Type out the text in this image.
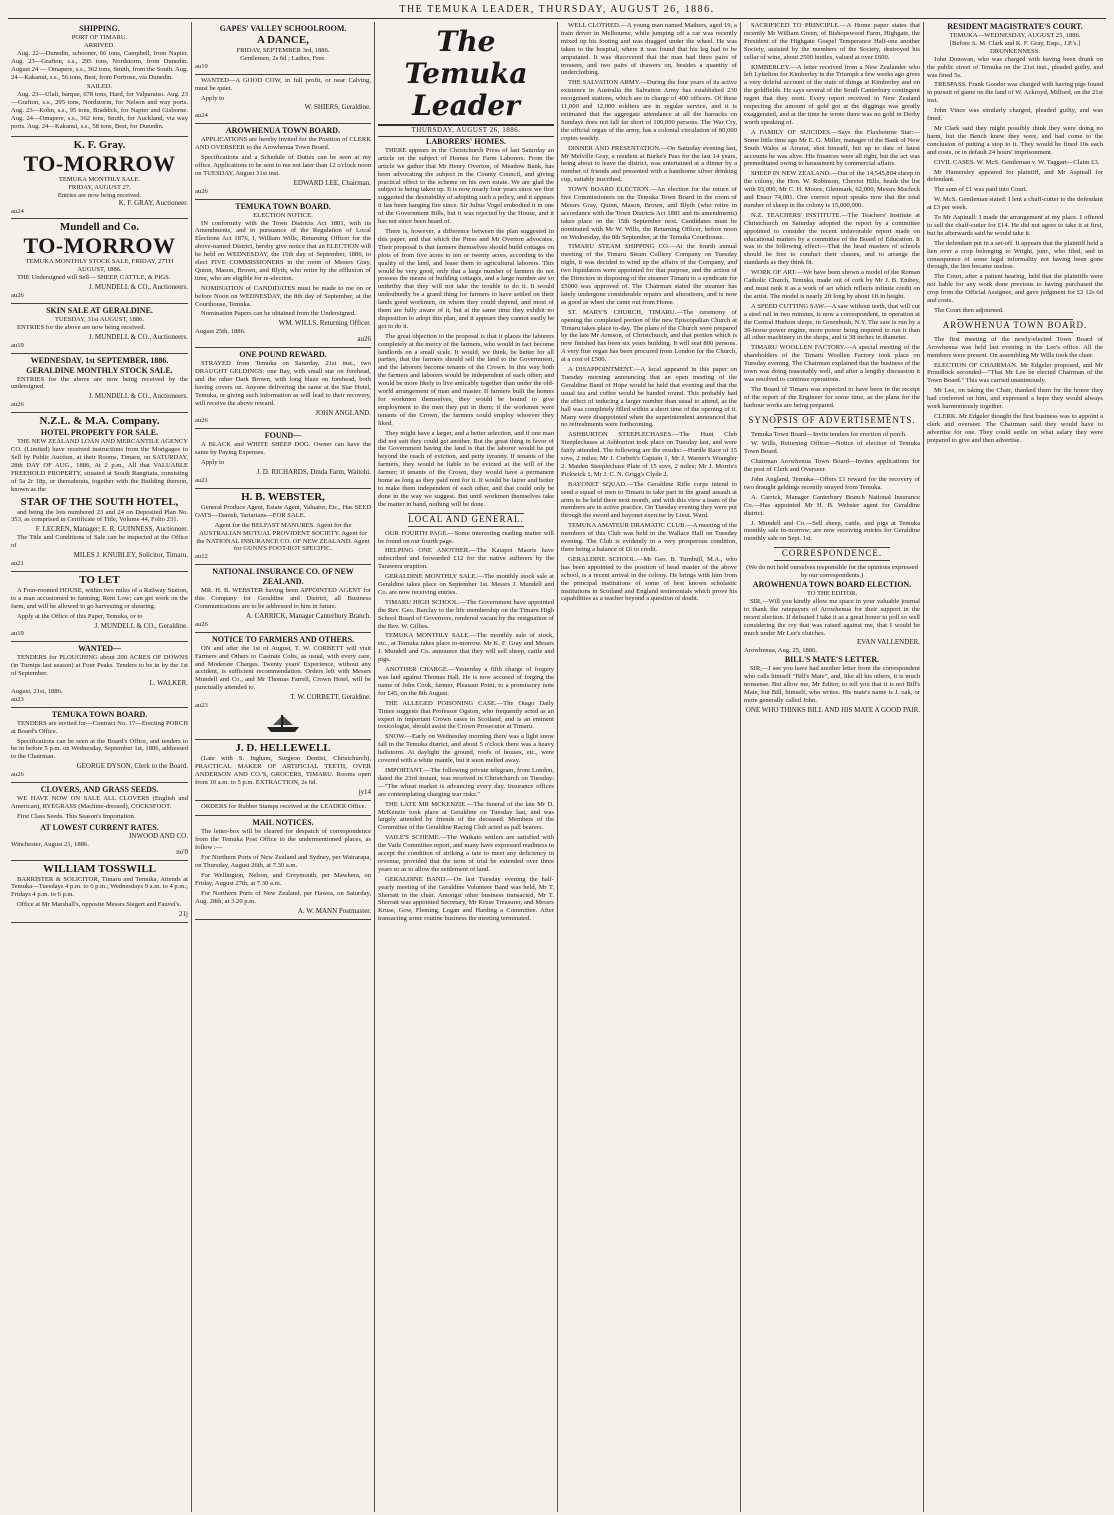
THE TEMUKA LEADER, THURSDAY, AUGUST 26, 1886.
SHIPPING.
PORT OF TIMARU.
ARRIVED.

Aug. 22—Dunedin, schooner, 66 tons, Campbell, from Napier. Aug. 23—Grafton, s.s., 295 tons, Nordstorm, from Dunedin. August 24 — Omapere, s.s., 362 tons, Smith, from the South. Aug. 24—Kakanui, s.s., 56 tons, Best, from Fortrose, via Dunedin.

SAILED.

Aug. 23—Ulali, barque, 678 tons, Hard, for Valparaiso. Aug. 23—Grafton, s.s., 295 tons, Nordstorm, for Nelson and way ports. Aug. 23—Kohn, s.s., 95 tons, Braddick, for Napier and Gisborne. Aug. 24—Omapere, s.s., 362 tons, Smith, for Auckland, via way ports. Aug. 24—Kakanui, s.s., 58 tons, Best, for Dunedin.

K. F. Gray.
TO-MORROW
TEMUKA MONTHLY SALE.
FRIDAY, AUGUST 27.
Entries are now being received.
K. F. GRAY, Auctioneer.
au24
Mundell and Co.
TO-MORROW
TEMUKA MONTHLY STOCK SALE, FRIDAY, 27TH AUGUST, 1886.

THE Undersigned will Sell— SHEEP, CATTLE, & PIGS.

J. MUNDELL & CO., Auctioneers.
au26
SKIN SALE AT GERALDINE.
TUESDAY, 31st AUGUST, 1886.

ENTRIES for the above are now being received.

J. MUNDELL & CO., Auctioneers.
au19
WEDNESDAY, 1st SEPTEMBER, 1886.
GERALDINE MONTHLY STOCK SALE.

ENTRIES for the above are now being received by the undersigned.

J. MUNDELL & CO., Auctioneers.
au26
N.Z.L. & M.A. Company.
HOTEL PROPERTY FOR SALE.

THE NEW ZEALAND LOAN AND MERCANTILE AGENCY CO. (Limited) have received instructions from the Mortgagee to Sell by Public Auction, at their Rooms, Timaru, on SATURDAY, 28th DAY OF AUG., 1886, At 2 p.m., All that VALUABLE FREEHOLD PROPERTY, situated at South Rangitata, consisting of 5a 2r 18p, or thereabouts, together with the Building thereon, known as the

STAR OF THE SOUTH HOTEL,

and being the lots numbered 23 and 24 on Deposited Plan No. 353, as comprised in Certificate of Title, Volume 44, Folio 231.

F. LECREN, Manager; E. R. GUINNESS, Auctioneer.

The Title and Conditions of Sale can be inspected at the Office of

MILES J. KNUBLEY, Solicitor, Timaru.
au21
TO LET

A Four-roomed HOUSE, within two miles of a Railway Station, to a man accustomed to farming; Rent Low; can get work on the farm, and will be allowed to go harvesting or shearing.

Apply at the Office of this Paper, Temuka, or to

J. MUNDELL & CO., Geraldine.
au19
WANTED—

TENDERS for PLOUGHING about 200 ACRES OF DOWNS (in Turnips last season) at Four Peaks. Tenders to be in by the 1st of September.

L. WALKER.
August, 21st, 1886.
au23
TEMUKA TOWN BOARD.

TENDERS are invited for—Contract No. 17—Erecting PORCH at Board's Office.

Specifications can be seen at the Board's Office, and tenders to be in before 5 p.m. on Wednesday, September 1st, 1886, addressed to the Chairman.

GEORGE DYSON, Clerk to the Board.
au26
CLOVERS, AND GRASS SEEDS.

WE HAVE NOW ON SALE ALL CLOVERS (English and American), RYEGRASS (Machine-dressed), COCKSFOOT.

First Class Seeds. This Season's Importation.

AT LOWEST CURRENT RATES.
INWOOD AND CO.
Winchester, August 21, 1886.
no'0
WILLIAM TOSSWILL

BARRISTER & SOLICITOR, Timaru and Temuka, Attends at Temuka—Tuesdays 4 p.m. to 6 p.m.; Wednesdays 9 a.m. to 4 p.m.; Fridays 4 p.m. to 6 p.m.

Office at Mr Marshall's, opposite Messrs Siegert and Fauvel's.

21j
GAPES' VALLEY SCHOOLROOM.
A DANCE,
FRIDAY, SEPTEMBER 3rd, 1886.
Gentlemen, 2s 6d ; Ladies, Free.
au19

WANTED—A GOOD COW, in full profit, or near Calving, must be quiet.

Apply to

W. SHIERS, Geraldine.
au24
AROWHENUA TOWN BOARD.

APPLICATIONS are hereby invited for the Position of CLERK AND OVERSEER to the Arowhenua Town Board.

Specifications and a Schedule of Duties can be seen at my office. Applications to be sent to me not later than 12 o'clock noon on TUESDAY, August 31st inst.

EDWARD LEE, Chairman.
au26
TEMUKA TOWN BOARD.
ELECTION NOTICE.

IN conformity with the Town Districts Act 1881, with its Amendments, and in pursuance of the Regulation of Local Elections Act 1876, I, William Wills, Returning Officer for the above-named District, hereby give notice that an ELECTION will be held on WEDNESDAY, the 15th day of September, 1886, to elect FIVE COMMISSIONERS in the room of Messrs Gray, Quinn, Mason, Brown, and Blyth, who retire by the effluxion of time, who are eligible for re-election.

NOMINATION of CANDIDATES must be made to me on or before Noon on WEDNESDAY, the 8th day of September, at the Courthouse, Temuka.

Nomination Papers can be obtained from the Undersigned.

WM. WILLS, Returning Officer.
August 25th, 1886.
au26
ONE POUND REWARD.

STRAYED from Temuka on Saturday, 21st inst., two DRAUGHT GELDINGS: one Bay, with small star on forehead, and the other Dark Brown, with long blaze on forehead, both having covers on. Anyone delivering the same at the Star Hotel, Temuka, or giving such information as will lead to their recovery, will receive the above reward.

JOHN ANGLAND.
au26
FOUND—

A BLACK and WHITE SHEEP DOG. Owner can have the same by Paying Expenses.

Apply to

J. D. RICHARDS, Dinda Farm, Waitohi.
au21
H. B. WEBSTER,

General Produce Agent, Estate Agent, Valuator, Etc., Has SEED OATS—Danish, Tartarians—FOR SALE.

Agent for the BELFAST MANURES. Agent for the AUSTRALIAN MUTUAL PROVIDENT SOCIETY. Agent for the NATIONAL INSURANCE CO. OF NEW ZEALAND. Agent for GUNN'S FOOT-ROT SPECIFIC.
au12
NATIONAL INSURANCE CO. OF NEW ZEALAND.

MR. H. B. WEBSTER having been APPOINTED AGENT for this Company for Geraldine and District, all Business Communications are to be addressed to him in future.

A. CARRICK, Manager Canterbury Branch.
au26
NOTICE TO FARMERS AND OTHERS.

ON and after the 1st of August, T. W. CORBETT will visit Farmers and Others to Castrate Colts, as usual, with every care, and Moderate Charges. Twenty years' Experience, without any accident, is sufficient recommendation. Orders left with Messrs Mundell and Co., and Mr Thomas Farrell, Crown Hotel, will be punctually attended to.

T. W. CORBETT, Geraldine.
au23
J. D. HELLEWELL

(Late with S. Ingham, Surgeon Dentist, Christchurch), PRACTICAL MAKER OF ARTIFICIAL TEETH, OVER ANDERSON AND CO.'S, GROCERS, TIMARU. Rooms open from 10 a.m. to 5 p.m. EXTRACTION, 2s 6d.

jy14

ORDERS for Rubber Stamps received at the LEADER Office.

MAIL NOTICES.

The letter-box will be cleared for despatch of correspondence from the Temuka Post Office to the undermentioned places, as follow :—

For Northern Ports of New Zealand and Sydney, per Wairarapa, on Thursday, August 26th, at 7.30 a.m.

For Wellington, Nelson, and Greymouth, per Mawhera, on Friday, August 27th, at 7.30 a.m.

For Northern Ports of New Zealand, per Hawea, on Saturday, Aug. 28th, at 3.20 p.m.

A. W. MANN Postmaster.
The Temuka Leader
THURSDAY, AUGUST 26, 1886.
LABORERS' HOMES.

THERE appears in the Christchurch Press of last Saturday an article on the subject of Homes for Farm Laborers. From the article we gather that Mr Henry Overton, of Meadow Bank, has been advocating the subject in the County Council, and giving practical effect to the scheme on his own estate. We are glad the subject is being taken up. It is now nearly four years since we first suggested the desirability of adopting such a policy, and it appears it has been hanging fire since. Sir Julius Vogel embodied it in one of the Government Bills, but it was rejected by the House, and it has not since been heard of.

There is, however, a difference between the plan suggested in this paper, and that which the Press and Mr Overton advocates. Their proposal is that farmers themselves should build cottages on plots of from five acres to ten or twenty acres, according to the quality of the land, and lease them to agricultural laborers. This would be very good, only that a large number of farmers do not possess the means of building cottages, and a large number are so unthrifty that they will not take the trouble to do it. It would undoubtedly be a grand thing for farmers to have settled on their lands good workmen, on whom they could depend, and most of them are fully aware of it, but at the same time they exhibit no disposition to adopt this plan, and it appears they cannot easily be got to do it.

The great objection to the proposal is that it places the laborers completely at the mercy of the farmers, who would in fact become landlords on a small scale. It would, we think, be better for all parties, that the farmers should sell the land to the Government, and the laborers become tenants of the Crown. In this way both the farmers and laborers would be independent of each other; and would be more likely to live amicably together than under the old-world arrangement of man and master. If farmers built the homes for workmen themselves, they would be bound to give employment to the men they put in them; if the workmen were tenants of the Crown, the farmers could employ whoever they liked.

They might have a larger, and a better selection, and if one man did not suit they could get another. But the great thing in favor of the Government having the land is that the laborer would be put beyond the reach of eviction, and petty tyranny. If tenants of the farmers, they would be liable to be evicted at the will of the farmer; if tenants of the Crown, they would have a permanent home as long as they paid rent for it. It would be fairer and better to make them independent of each other, and that could only be done in the way we suggest. But until workmen themselves take the matter in hand, nothing will be done.

LOCAL AND GENERAL.

OUR FOURTH PAGE.—Some interesting reading matter will be found on our fourth page.

HELPING ONE ANOTHER.—The Kaiapoi Maoris have subscribed and forwarded £12 for the native sufferers by the Tarawera eruption.

GERALDINE MONTHLY SALE.—The monthly stock sale at Geraldine takes place on September 1st. Messrs J. Mundell and Co. are now receiving entries.

TIMARU HIGH SCHOOL.—The Government have appointed the Rev. Geo. Barclay to the life membership on the Timaru High School Board of Governors, rendered vacant by the resignation of the Rev. W. Gillies.

TEMUKA MONTHLY SALE.—The monthly sale of stock, etc., at Temuka takes place to-morrow. Mr K. F. Gray and Messrs J. Mundell and Co. announce that they will sell sheep, cattle and pigs.

ANOTHER CHARGE.—Yesterday a fifth charge of forgery was laid against Thomas Hall. He is now accused of forging the name of John Cook, farmer, Pleasant Point, to a promissory note for £45, on the 8th August.

THE ALLEGED POISONING CASE.—The Otago Daily Times suggests that Professor Ogston, who frequently acted as an expert in important Crown cases in Scotland, and is an eminent toxicologist, should assist the Crown Prosecutor at Timaru.

SNOW.—Early on Wednesday morning there was a light snow fall in the Temuka district, and about 5 o'clock there was a heavy hailstorm. At daylight the ground, roofs of houses, etc., were covered with a white mantle, but it soon melted away.

IMPORTANT.—The following private telegram, from London, dated the 23rd instant, was received in Christchurch on Tuesday:—"The wheat market is advancing every day. Insurance offices are contemplating charging war risks."

THE LATE MR MCKENZIE.—The funeral of the late Mr D. McKenzie took place at Geraldine on Tuesday last, and was largely attended by friends of the deceased. Members of the Committee of the Geraldine Racing Club acted as pall bearers.

VAILE'S SCHEME.—The Waikato settlers are satisfied with the Vaile Committee report, and many have expressed readiness to accept the condition of striking a rate to meet any deficiency in revenue, provided that the term of trial be extended over three years so as to allow the settlement of land.

GERALDINE BAND.—On last Tuesday evening the half-yearly meeting of the Geraldine Volunteer Band was held, Mr T. Sherratt in the chair. Amongst other business transacted, Mr T. Sherratt was appointed Secretary, Mr Kruse Treasurer, and Messrs Kruse, Gow, Fleming, Logan and Harding a Committee. After transacting some routine business the meeting terminated.

WELL CLOTHED.—A young man named Mathers, aged 19, a train driver in Melbourne, while jumping off a car was recently mixed up his footing and was dragged under the wheel. He was taken to the hospital, where it was found that his leg had to be amputated. It was discovered that the man had three pairs of trousers, and two pairs of drawers on, besides a quantity of underclothing.

THE SALVATION ARMY.—During the four years of its active existence in Australia the Salvation Army has established 230 recognised stations, which are in charge of 400 officers. Of these 11,000 and 12,000 soldiers are in regular service, and it is estimated that the aggregate attendance at all the barracks on Sundays does not fall far short of 100,000 persons. The War Cry, the official organ of the army, has a colonial circulation of 80,000 copies weekly.

DINNER AND PRESENTATION.—On Saturday evening last, Mr Melville Gray, a resident at Burke's Pass for the last 14 years, being about to leave the district, was entertained at a dinner by a number of friends and presented with a handsome silver drinking cup, suitably inscribed.

TOWN BOARD ELECTION.—An election for the return of five Commissioners on the Temuka Town Board in the room of Messrs Gray, Quinn, Mason, Brown, and Blyth (who retire in accordance with the Town Districts Act 1881 and its amendments) takes place on the 15th September next. Candidates must be nominated with Mr W. Wills, the Returning Officer, before noon on Wednesday, the 8th September, at the Temuka Courthouse.

TIMARU STEAM SHIPPING CO.—At the fourth annual meeting of the Timaru Steam Colliery Company on Tuesday night, it was decided to wind up the affairs of the Company, and two liquidators were appointed for that purpose, and the action of the Directors in disposing of the steamer Timaru to a syndicate for £5000 was approved of. The Chairman stated the steamer has lately undergone considerable repairs and alterations, and is now as good as when she came out from Home.

ST. MARY'S CHURCH, TIMARU.—The ceremony of opening the completed portion of the new Episcopalian Church at Timaru takes place to-day. The plans of the Church were prepared by the late Mr Armson, of Christchurch, and that portion which is now finished has been six years building. It will seat 800 persons. A very fine organ has been procured from London for the Church, at a cost of £500.

A DISAPPOINTMENT.—A local appeared in this paper on Tuesday morning announcing that an open meeting of the Geraldine Band of Hope would be held that evening and that the usual tea and coffee would be handed round. This probably had the effect of inducing a larger number than usual to attend, as the hall was completely filled within a short time of the opening of it. Many were disappointed when the superintendent announced that no refreshments were forthcoming.

ASHBURTON STEEPLECHASES.—The Hunt Club Steeplechases at Ashburton took place on Tuesday last, and were fairly attended. The following are the results:—Hurdle Race of 15 sovs, 2 miles; Mr J. Corbett's Captain 1, Mr J. Warner's Wrangler 2. Maiden Steeplechase Plate of 15 sovs, 2 miles; Mr J. Morris's Pickwick 1, Mr J. C. N. Grigg's Clyde 2.

BAYONET SQUAD.—The Geraldine Rifle corps intend to send a squad of men to Timaru to take part in the grand assault at arms to be held there next month, and with this view a team of the members are in active practice. On Tuesday evening they were put through the sword and bayonet exercise by Lieut. Ward.

TEMUKA AMATEUR DRAMATIC CLUB.—A meeting of the members of this Club was held in the Wallace Hall on Tuesday evening. The Club is evidently in a very prosperous condition, there being a balance of £6 to credit.

GERALDINE SCHOOL.—Mr Geo. B. Turnbull, M.A., who has been appointed to the position of head master of the above school, is a recent arrival in the colony. He brings with him from the principal institutions of some of best known scholastic institutions in Scotland and England testimonials which prove his capabilities as a teacher beyond a question of doubt.

SACRIFICED TO PRINCIPLE.—A Home paper states that recently Mr William Green, of Bishopswood Farm, Highgate, the President of the Highgate Gospel Temperance Half-one another Society, assisted by the members of the Society, destroyed his cellar of wine, about 2500 bottles, valued at over £600.

KIMBERLEY.—A letter received from a New Zealander who left Lyttelton for Kimberley in the Triumph a few weeks ago gives a very doleful account of the state of things at Kimberley and on the goldfields. He says several of the South Canterbury contingent regret that they went. Every report received in New Zealand respecting the amount of gold got at the diggings was greatly exaggerated, and at the time he wrote there was no gold in Derby worth speaking of.

A FAMILY OF SUICIDES.—Says the Flaxbourne Star:—Some little time ago Mr E. G. Miller, manager of the Bank of New South Wales at Arrarat, shot himself, but up to date of latest accounts he was alive. His finances were all right, but the act was premeditated owing to harassment by commercial affairs.

SHEEP IN NEW ZEALAND.—Out of the 14,545,804 sheep in the colony, the Hon. W. Robinson, Cheviot Hills, heads the list with 93,000, Mr C. H. Moore, Glenmark, 62,000, Messrs Macleck and Ensor 74,081. One correct report speaks now that the total number of sheep in the colony is 15,000,000.

N.Z. TEACHERS' INSTITUTE.—The Teachers' Institute at Christchurch on Saturday adopted the report by a committee appointed to consider the recent unfavorable report made on educational matters by a committee of the Board of Education. It was to the following effect:—That the head masters of schools should be free to conduct their classes, and to arrange the standards as they think fit.

WORK OF ART.—We have been shown a model of the Roman Catholic Church, Temuka, made out of cork by Mr J. B. Embey, and must rank it as a work of art which reflects infinite credit on the artist. The model is nearly 2ft long by about 1ft in height.

A SPEED CUTTING SAW.—A saw without teeth, that will cut a steel rail in two minutes, is now a correspondent, in operation at the Central Hudson shops, in Greenbush, N.Y. The saw is run by a 30-horse power engine, more power being required to run it than all other machinery in the shops, and is 38 inches in diameter.

TIMARU WOOLLEN FACTORY.—A special meeting of the shareholders of the Timaru Woollen Factory took place on Tuesday evening. The Chairman explained that the business of the town was doing reasonably well, and after a lengthy discussion it was resolved to continue operations.

The Board of Timaru was expected to have been in the receipt of the report of the Engineer for some time, as the plans for the harbour works are being prepared.

SYNOPSIS OF ADVERTISEMENTS.

Temuka Town Board—Invite tenders for erection of porch.

W. Wills, Returning Officer—Notice of election of Temuka Town Board.

Chairman Arowhenua Town Board—Invites applications for the post of Clerk and Overseer.

John Angland, Temuka—Offers £1 reward for the recovery of two draught geldings recently strayed from Temuka.

A. Carrick, Manager Canterbury Branch National Insurance Co.—Has appointed Mr H. B. Webster agent for Geraldine district.

J. Mundell and Co.—Sell sheep, cattle, and pigs at Temuka monthly sale to-morrow; are now receiving entries for Geraldine monthly sale on Sept. 1st.

CORRESPONDENCE.
(We do not hold ourselves responsible for the opinions expressed by our correspondents.)
AROWHENUA TOWN BOARD ELECTION.
TO THE EDITOR.

SIR,—Will you kindly allow me space in your valuable journal to thank the ratepayers of Arowhenua for their support in the recent election. If defeated I take it as a great honor to poll so well considering the cry that was raised against me, that I would be much under Mr Lee's clutches.

EVAN VALLENDER.
Arowhenua, Aug. 25, 1886.
BILL'S MATE'S LETTER.

SIR,—I see you have had another letter from the correspondent who calls himself "Bill's Mate", and, like all his others, it is much nonsense. But allow me, Mr Editor, to tell you that it is not Bill's Mate, but Bill, himself, who writes. His mate's name is J. oak, or more generally called John.

ONE WHO THINKS BILL AND HIS MATE A GOOD PAIR.
RESIDENT MAGISTRATE'S COURT.
TEMUKA—WEDNESDAY, AUGUST 25, 1886.
[Before A. M. Clark and K. F. Gray, Esqs., J.P.'s.]
DRUNKENNESS.

John Donovan, who was charged with having been drunk on the public street of Temuka on the 21st inst., pleaded guilty, and was fined 5s.

TRESPASS. Frank Gooder was charged with having pigs found in pursuit of game on the land of W. Ackroyd, Milford, on the 21st inst.

John Vince was similarly charged, pleaded guilty, and was fined.

Mr Clark said they might possibly think they were doing no harm, but the Bench knew they were, and had come to the conclusion of putting a stop to it. They would be fined 10s each and costs, or in default 24 hours' imprisonment.

CIVIL CASES. W. McS. Gentleman v. W. Taggart—Claim £3.

Mr Hamersley appeared for plaintiff, and Mr Aspinall for defendant.

The sum of £1 was paid into Court.

W. McS. Gentleman stated: I lent a chaff-cutter to the defendant at £3 per week.

To Mr Aspinall: I made the arrangement at my place. I offered to sell the chaff-cutter for £14. He did not agree to take it at first, but he afterwards said he would take it.

The defendant put in a set-off. It appears that the plaintiff held a lien over a crop belonging to Wright, junr., who filed, and in consequence of some legal informality not having been gone through, the lien became useless.

The Court, after a patient hearing, held that the plaintiffs were not liable for any work done previous to having purchased the crop from the Official Assignee, and gave judgment for £2 12s 6d and costs.

The Court then adjourned.

AROWHENUA TOWN BOARD.

The first meeting of the newly-elected Town Board of Arowhenua was held last evening in the Lee's office. All the members were present. On assembling Mr Wills took the chair.

ELECTION OF CHAIRMAN. Mr Edgeler proposed, and Mr Proudlock seconded—"That Mr Lee be elected Chairman of the Town Board." This was carried unanimously.

Mr Lee, on taking the Chair, thanked them for the honor they had conferred on him, and expressed a hope they would always work harmoniously together.

CLERK. Mr Edgeler thought the first business was to appoint a clerk and overseer. The Chairman said they would have to advertise for one. They could settle on what salary they were prepared to give and then advertise.
